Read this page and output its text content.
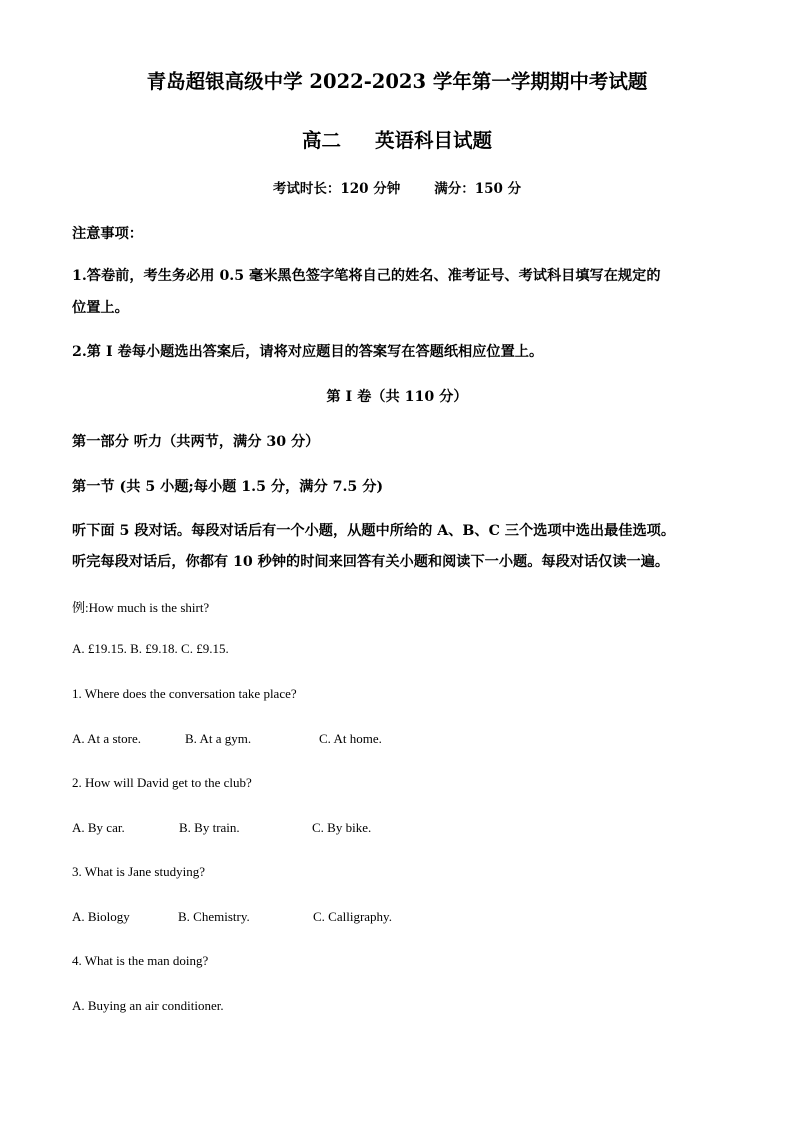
青岛超银高级中学 2022-2023 学年第一学期期中考试题
高二 英语科目试题
考试时长：120 分钟	满分：150 分
注意事项：
1.答卷前，考生务必用 0.5 毫米黑色签字笔将自己的姓名、准考证号、考试科目填写在规定的
位置上。
2.第 I 卷每小题选出答案后，请将对应题目的答案写在答题纸相应位置上。
第 I 卷（共 110 分）
第一部分 听力（共两节，满分 30 分）
第一节 (共 5 小题;每小题 1.5 分，满分 7.5 分)
听下面 5 段对话。每段对话后有一个小题，从题中所给的 A、B、C 三个选项中选出最佳选项。
听完每段对话后，你都有 10 秒钟的时间来回答有关小题和阅读下一小题。每段对话仅读一遍。
例:How much is the shirt?
A. £19.15. B. £9.18. C. £9.15.
1. Where does the conversation take place?
A. At a store.	B. At a gym.	C. At home.
2. How will David get to the club?
A. By car.	B. By train.	C. By bike.
3. What is Jane studying?
A. Biology	B. Chemistry.	C. Calligraphy.
4. What is the man doing?
A. Buying an air conditioner.
